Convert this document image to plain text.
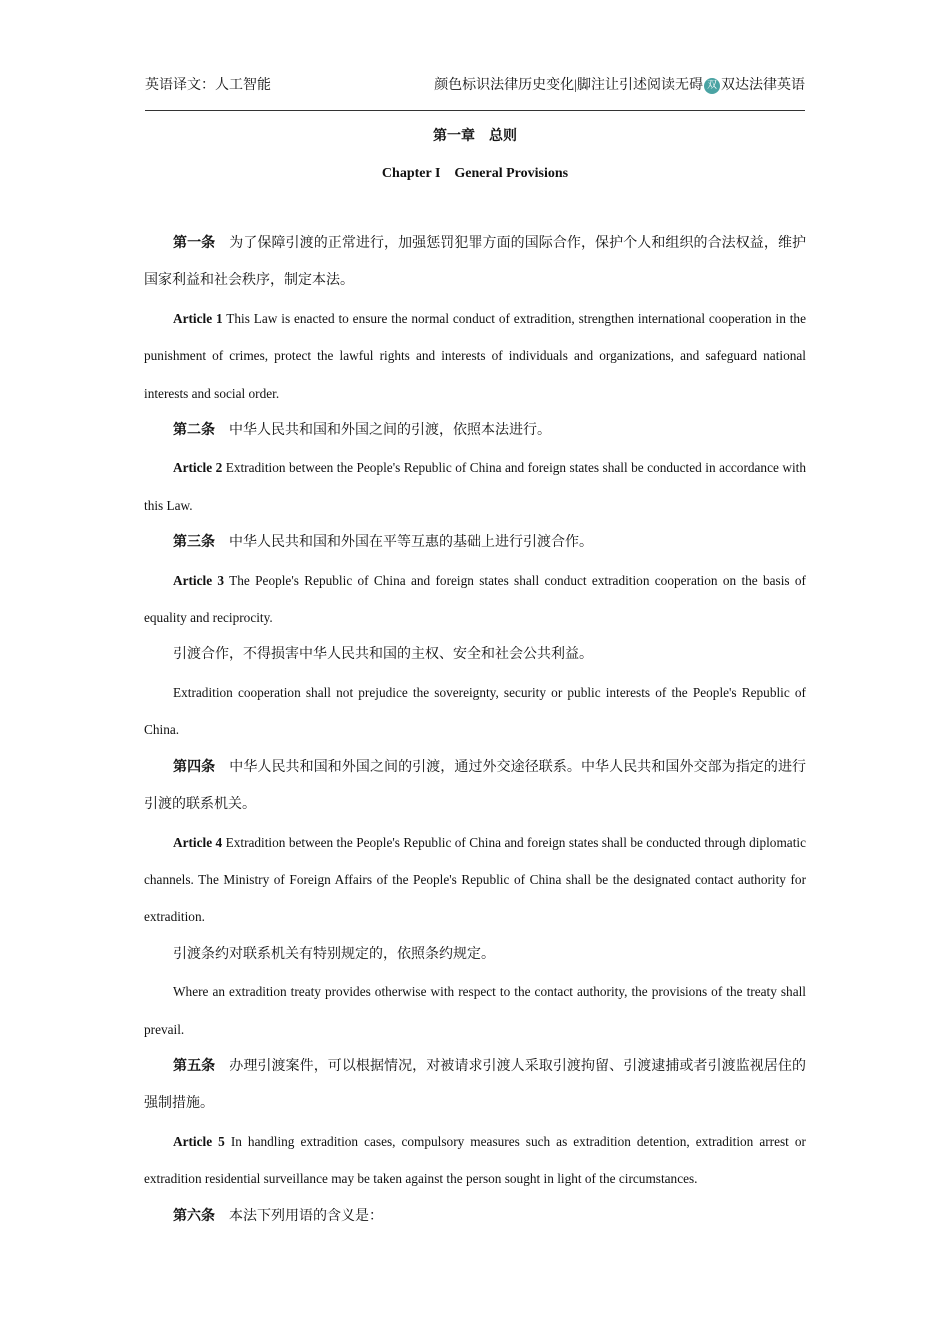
英语译文：人工智能	颜色标识法律历史变化|脚注让引述阅读无碍 双 双达法律英语
第一章　总则
Chapter I　General Provisions

第一条　为了保障引渡的正常进行，加强惩罚犯罪方面的国际合作，保护个人和组织的合法权益，维护国家利益和社会秩序，制定本法。

Article 1 This Law is enacted to ensure the normal conduct of extradition, strengthen international cooperation in the punishment of crimes, protect the lawful rights and interests of individuals and organizations, and safeguard national interests and social order.

第二条　中华人民共和国和外国之间的引渡，依照本法进行。

Article 2 Extradition between the People's Republic of China and foreign states shall be conducted in accordance with this Law.

第三条　中华人民共和国和外国在平等互惠的基础上进行引渡合作。

Article 3 The People's Republic of China and foreign states shall conduct extradition cooperation on the basis of equality and reciprocity.

引渡合作，不得损害中华人民共和国的主权、安全和社会公共利益。

Extradition cooperation shall not prejudice the sovereignty, security or public interests of the People's Republic of China.

第四条　中华人民共和国和外国之间的引渡，通过外交途径联系。中华人民共和国外交部为指定的进行引渡的联系机关。

Article 4 Extradition between the People's Republic of China and foreign states shall be conducted through diplomatic channels. The Ministry of Foreign Affairs of the People's Republic of China shall be the designated contact authority for extradition.

引渡条约对联系机关有特别规定的，依照条约规定。

Where an extradition treaty provides otherwise with respect to the contact authority, the provisions of the treaty shall prevail.

第五条　办理引渡案件，可以根据情况，对被请求引渡人采取引渡拘留、引渡逮捕或者引渡监视居住的强制措施。

Article 5 In handling extradition cases, compulsory measures such as extradition detention, extradition arrest or extradition residential surveillance may be taken against the person sought in light of the circumstances.

第六条　本法下列用语的含义是：
